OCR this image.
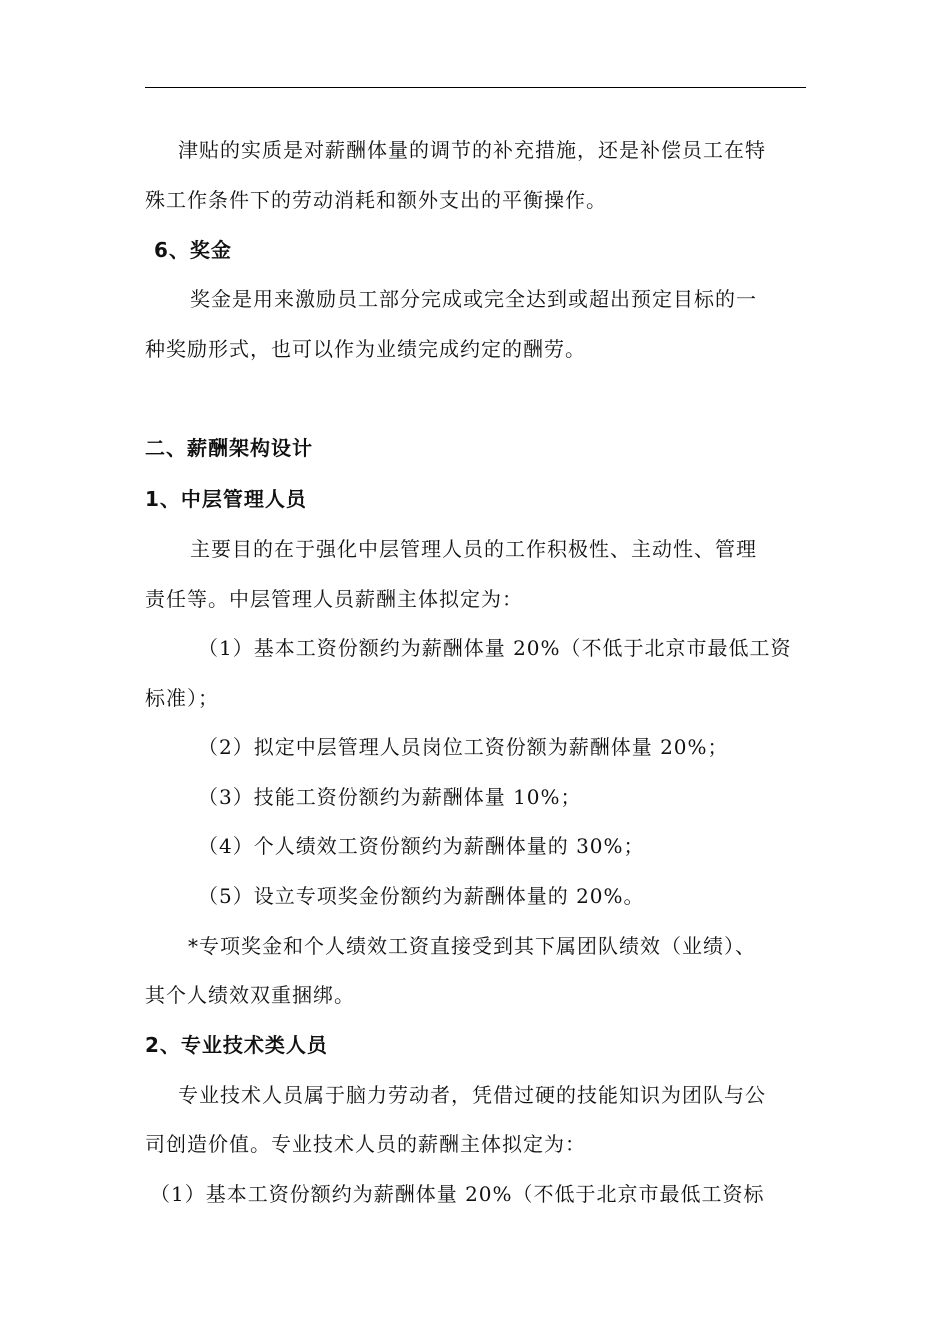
津贴的实质是对薪酬体量的调节的补充措施，还是补偿员工在特
殊工作条件下的劳动消耗和额外支出的平衡操作。
6、奖金
奖金是用来激励员工部分完成或完全达到或超出预定目标的一
种奖励形式，也可以作为业绩完成约定的酬劳。
二、薪酬架构设计
1、中层管理人员
主要目的在于强化中层管理人员的工作积极性、主动性、管理
责任等。中层管理人员薪酬主体拟定为：
（1）基本工资份额约为薪酬体量 20%（不低于北京市最低工资
标准）；
（2）拟定中层管理人员岗位工资份额为薪酬体量 20%；
（3）技能工资份额约为薪酬体量 10%；
（4）个人绩效工资份额约为薪酬体量的 30%；
（5）设立专项奖金份额约为薪酬体量的 20%。
*专项奖金和个人绩效工资直接受到其下属团队绩效（业绩）、
其个人绩效双重捆绑。
2、专业技术类人员
专业技术人员属于脑力劳动者，凭借过硬的技能知识为团队与公
司创造价值。专业技术人员的薪酬主体拟定为：
（1）基本工资份额约为薪酬体量 20%（不低于北京市最低工资标
